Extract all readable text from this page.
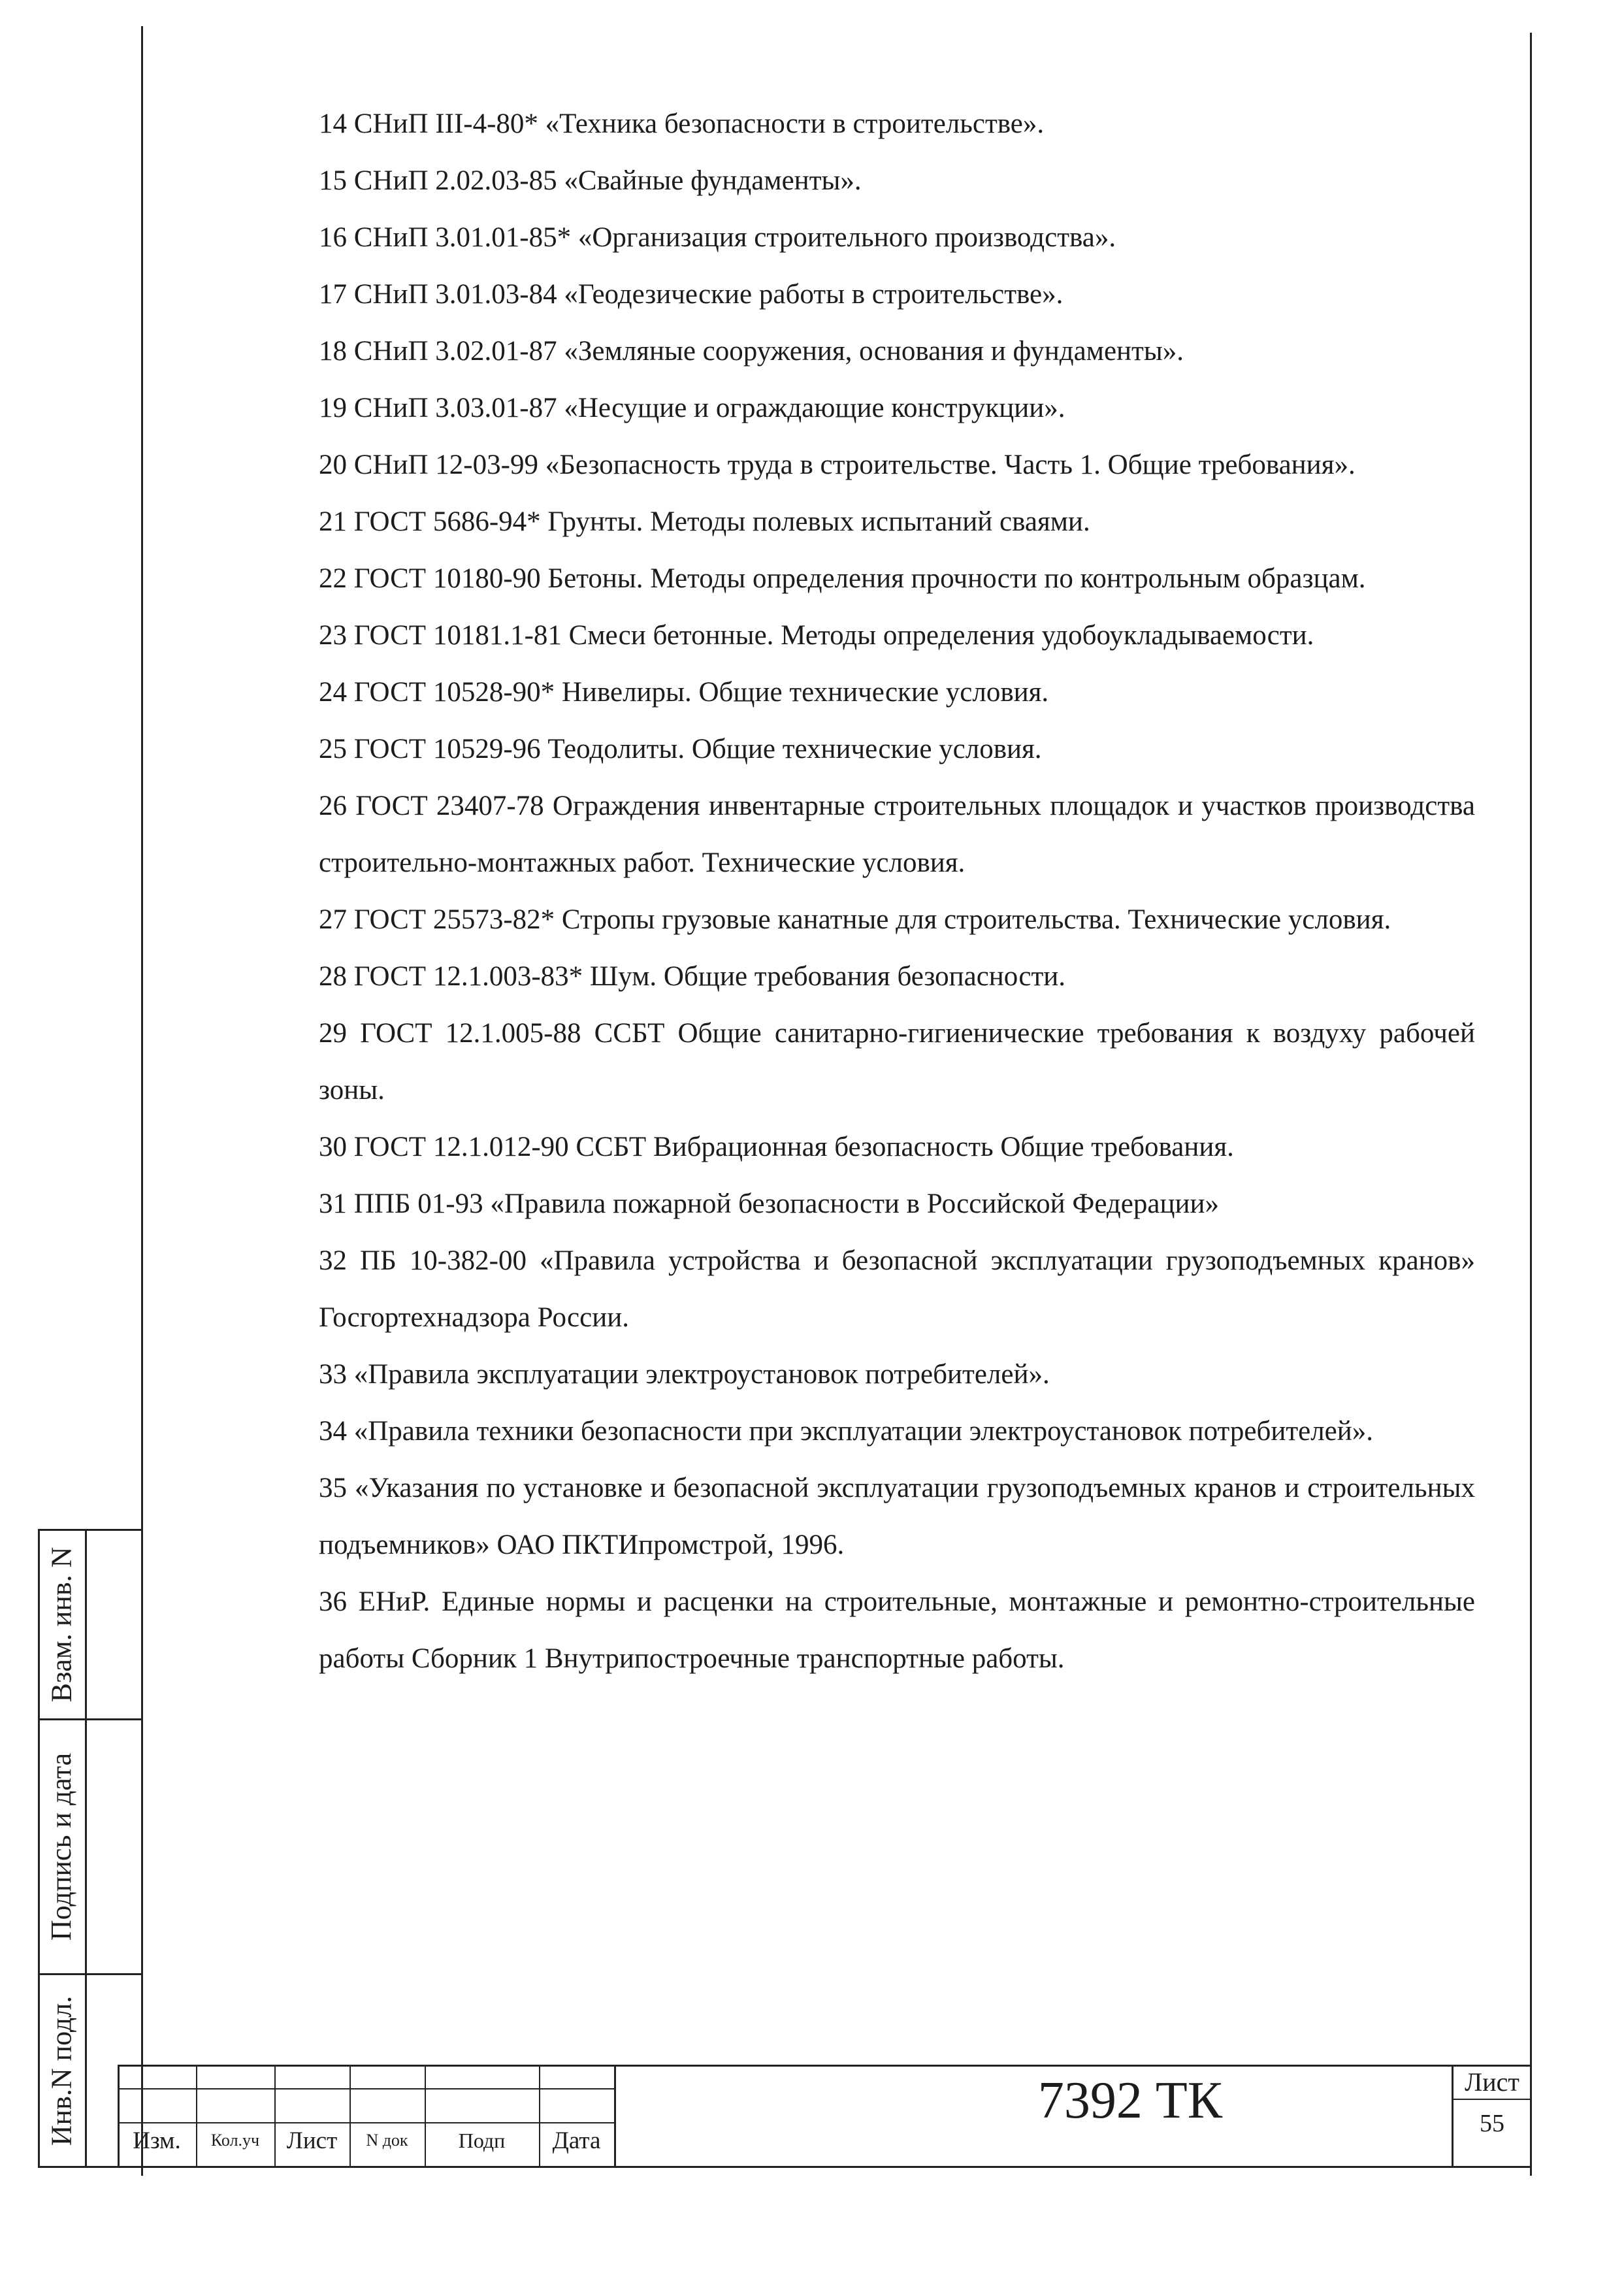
14 СНиП III-4-80* «Техника безопасности в строительстве».

15 СНиП 2.02.03-85 «Свайные фундаменты».

16 СНиП 3.01.01-85* «Организация строительного производства».

17 СНиП 3.01.03-84 «Геодезические работы в строительстве».

18 СНиП 3.02.01-87 «Земляные сооружения, основания и фундаменты».

19 СНиП 3.03.01-87 «Несущие и ограждающие конструкции».

20 СНиП 12-03-99 «Безопасность труда в строительстве. Часть 1. Общие требования».

21 ГОСТ 5686-94* Грунты. Методы полевых испытаний сваями.

22 ГОСТ 10180-90 Бетоны. Методы определения прочности по контрольным образцам.

23 ГОСТ 10181.1-81 Смеси бетонные. Методы определения удобоукладываемости.

24 ГОСТ 10528-90* Нивелиры. Общие технические условия.

25 ГОСТ 10529-96 Теодолиты. Общие технические условия.

26 ГОСТ 23407-78 Ограждения инвентарные строительных площадок и участков производства строительно-монтажных работ. Технические условия.

27 ГОСТ 25573-82* Стропы грузовые канатные для строительства. Технические условия.

28 ГОСТ 12.1.003-83* Шум. Общие требования безопасности.

29 ГОСТ 12.1.005-88 ССБТ Общие санитарно-гигиенические требования к воздуху рабочей зоны.

30 ГОСТ 12.1.012-90 ССБТ Вибрационная безопасность Общие требования.

31 ППБ 01-93 «Правила пожарной безопасности в Российской Федерации»

32 ПБ 10-382-00 «Правила устройства и безопасной эксплуатации грузоподъемных кранов» Госгортехнадзора России.

33 «Правила эксплуатации электроустановок потребителей».

34 «Правила техники безопасности при эксплуатации электроустановок потребителей».

35 «Указания по установке и безопасной эксплуатации грузоподъемных кранов и строительных подъемников» ОАО ПКТИпромстрой, 1996.

36 ЕНиР. Единые нормы и расценки на строительные, монтажные и ремонтно-строительные работы Сборник 1 Внутрипостроечные транспортные работы.

Взам. инв. N
Подпись и дата
Инв.N подл.	Изм.	Кол.уч	Лист	N док	Подп	Дата
7392 ТК	Лист
55
